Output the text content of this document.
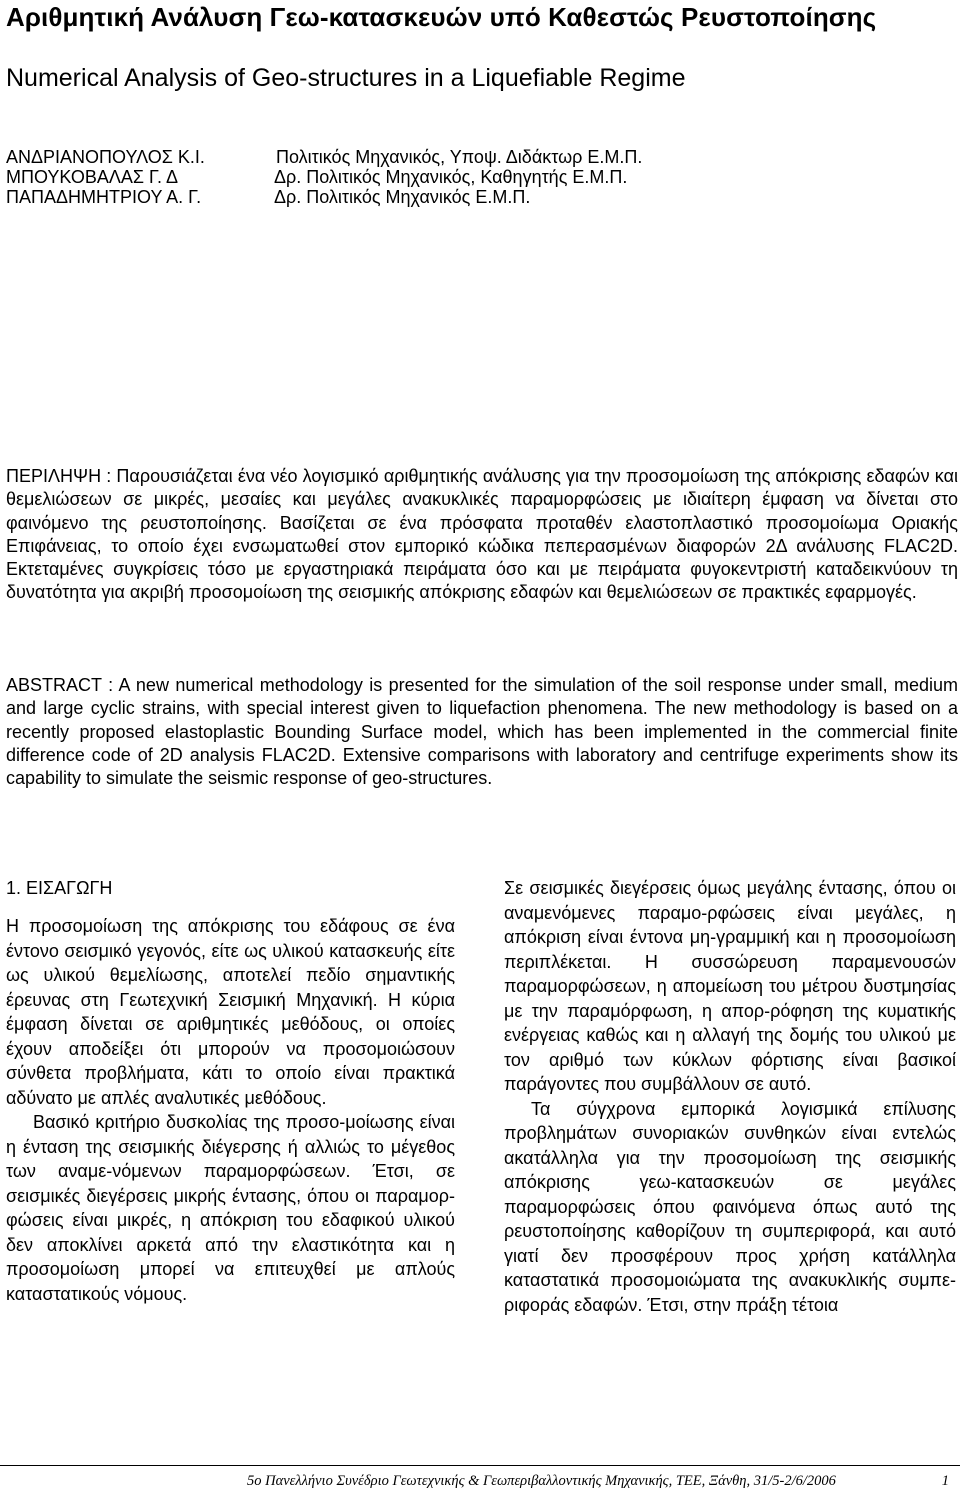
Αριθμητική Ανάλυση Γεω-κατασκευών υπό Καθεστώς Ρευστοποίησης
Numerical Analysis of Geo-structures in a Liquefiable Regime
ΑΝΔΡΙΑΝΟΠΟΥΛΟΣ Κ.Ι.	Πολιτικός Μηχανικός, Υποψ. Διδάκτωρ Ε.Μ.Π.
ΜΠΟΥΚΟΒΑΛΑΣ Γ. Δ	Δρ. Πολιτικός Μηχανικός, Καθηγητής Ε.Μ.Π.
ΠΑΠΑΔΗΜΗΤΡΙΟΥ Α. Γ.	Δρ. Πολιτικός Μηχανικός Ε.Μ.Π.

ΠΕΡΙΛΗΨΗ : Παρουσιάζεται ένα νέο λογισμικό αριθμητικής ανάλυσης για την προσομοίωση της απόκρισης εδαφών και θεμελιώσεων σε μικρές, μεσαίες και μεγάλες ανακυκλικές παραμορφώσεις με ιδιαίτερη έμφαση να δίνεται στο φαινόμενο της ρευστοποίησης. Βασίζεται σε ένα πρόσφατα προταθέν ελαστοπλαστικό προσομοίωμα Οριακής Επιφάνειας, το οποίο έχει ενσωματωθεί στον εμπορικό κώδικα πεπερασμένων διαφορών 2Δ ανάλυσης FLAC2D. Εκτεταμένες συγκρίσεις τόσο με εργαστηριακά πειράματα όσο και με πειράματα φυγοκεντριστή καταδεικνύουν τη δυνατότητα για ακριβή προσομοίωση της σεισμικής απόκρισης εδαφών και θεμελιώσεων σε πρακτικές εφαρμογές.

ABSTRACT : A new numerical methodology is presented for the simulation of the soil response under small, medium and large cyclic strains, with special interest given to liquefaction phenomena. The new methodology is based on a recently proposed elastoplastic Bounding Surface model, which has been implemented in the commercial finite difference code of 2D analysis FLAC2D. Extensive comparisons with laboratory and centrifuge experiments show its capability to simulate the seismic response of geo-structures.

1. ΕΙΣΑΓΩΓΗ

Η προσομοίωση της απόκρισης του εδάφους σε ένα έντονο σεισμικό γεγονός, είτε ως υλικού κατασκευής είτε ως υλικού θεμελίωσης, αποτελεί πεδίο σημαντικής έρευνας στη Γεωτεχνική Σεισμική Μηχανική. Η κύρια έμφαση δίνεται σε αριθμητικές μεθόδους, οι οποίες έχουν αποδείξει ότι μπορούν να προσομοιώσουν σύνθετα προβλήματα, κάτι το οποίο είναι πρακτικά αδύνατο με απλές αναλυτικές μεθόδους.

Βασικό κριτήριο δυσκολίας της προσο-μοίωσης είναι η ένταση της σεισμικής διέγερσης ή αλλιώς το μέγεθος των αναμε-νόμενων παραμορφώσεων. Έτσι, σε σεισμικές διεγέρσεις μικρής έντασης, όπου οι παραμορ-φώσεις είναι μικρές, η απόκριση του εδαφικού υλικού δεν αποκλίνει αρκετά από την ελαστικότητα και η προσομοίωση μπορεί να επιτευχθεί με απλούς καταστατικούς νόμους.

Σε σεισμικές διεγέρσεις όμως μεγάλης έντασης, όπου οι αναμενόμενες παραμο-ρφώσεις είναι μεγάλες, η απόκριση είναι έντονα μη-γραμμική και η προσομοίωση περιπλέκεται. Η συσσώρευση παραμενουσών παραμορφώσεων, η απομείωση του μέτρου δυστμησίας με την παραμόρφωση, η απορ-ρόφηση της κυματικής ενέργειας καθώς και η αλλαγή της δομής του υλικού με τον αριθμό των κύκλων φόρτισης είναι βασικοί παράγοντες που συμβάλλουν σε αυτό.

Τα σύγχρονα εμπορικά λογισμικά επίλυσης προβλημάτων συνοριακών συνθηκών είναι εντελώς ακατάλληλα για την προσομοίωση της σεισμικής απόκρισης γεω-κατασκευών σε μεγάλες παραμορφώσεις όπου φαινόμενα όπως αυτό της ρευστοποίησης καθορίζουν τη συμπεριφορά, και αυτό γιατί δεν προσφέρουν προς χρήση κατάλληλα καταστατικά προσομοιώματα της ανακυκλικής συμπε-ριφοράς εδαφών. Έτσι, στην πράξη τέτοια

5ο Πανελλήνιο Συνέδριο Γεωτεχνικής & Γεωπεριβαλλοντικής Μηχανικής, ΤΕΕ, Ξάνθη, 31/5-2/6/2006	1
